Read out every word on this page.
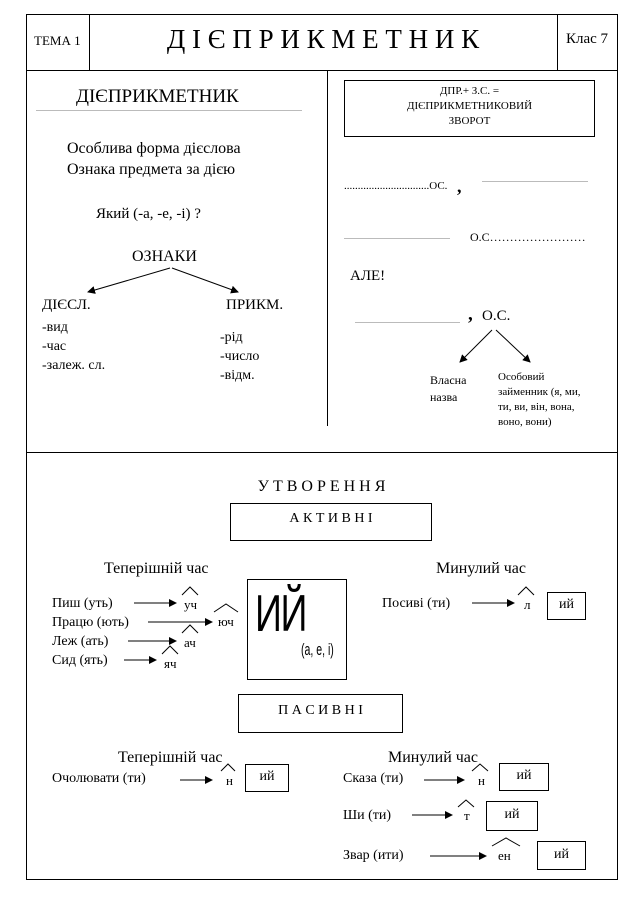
ТЕМА 1	Д І Є П Р И К М Е Т Н И К	Клас 7
ДІЄПРИКМЕТНИК
Особлива форма дієслова
Ознака предмета за дією
Який (-а, -е, -і) ?
ОЗНАКИ
ДІЄСЛ.
-вид
-час
-залеж. сл.
ПРИКМ.
-рід
-число
-відм.
ДПР.+ З.С. =
ДІЄПРИКМЕТНИКОВИЙ
ЗВОРОТ
...............................ОС. ,
О.С……………………
АЛЕ!
, О.С.
Власна
назва
Особовий
займенник (я, ми,
ти, ви, він, вона,
воно, вони)
У Т В О Р Е Н Н Я
А К Т И В Н І
Теперішній час	Минулий час
Пиш (уть)
Працю (ють)
Леж (ать)
Сид (ять)
уч
юч
ач
яч
ИЙ
(а, е, і)
Посиві (ти)	л	ий
П А С И В Н І
Теперішній час	Минулий час
Очолювати (ти)	н	ий	Сказа (ти)	н	ий
Ши (ти)	т	ий
Звар (ити)	ен	ий
